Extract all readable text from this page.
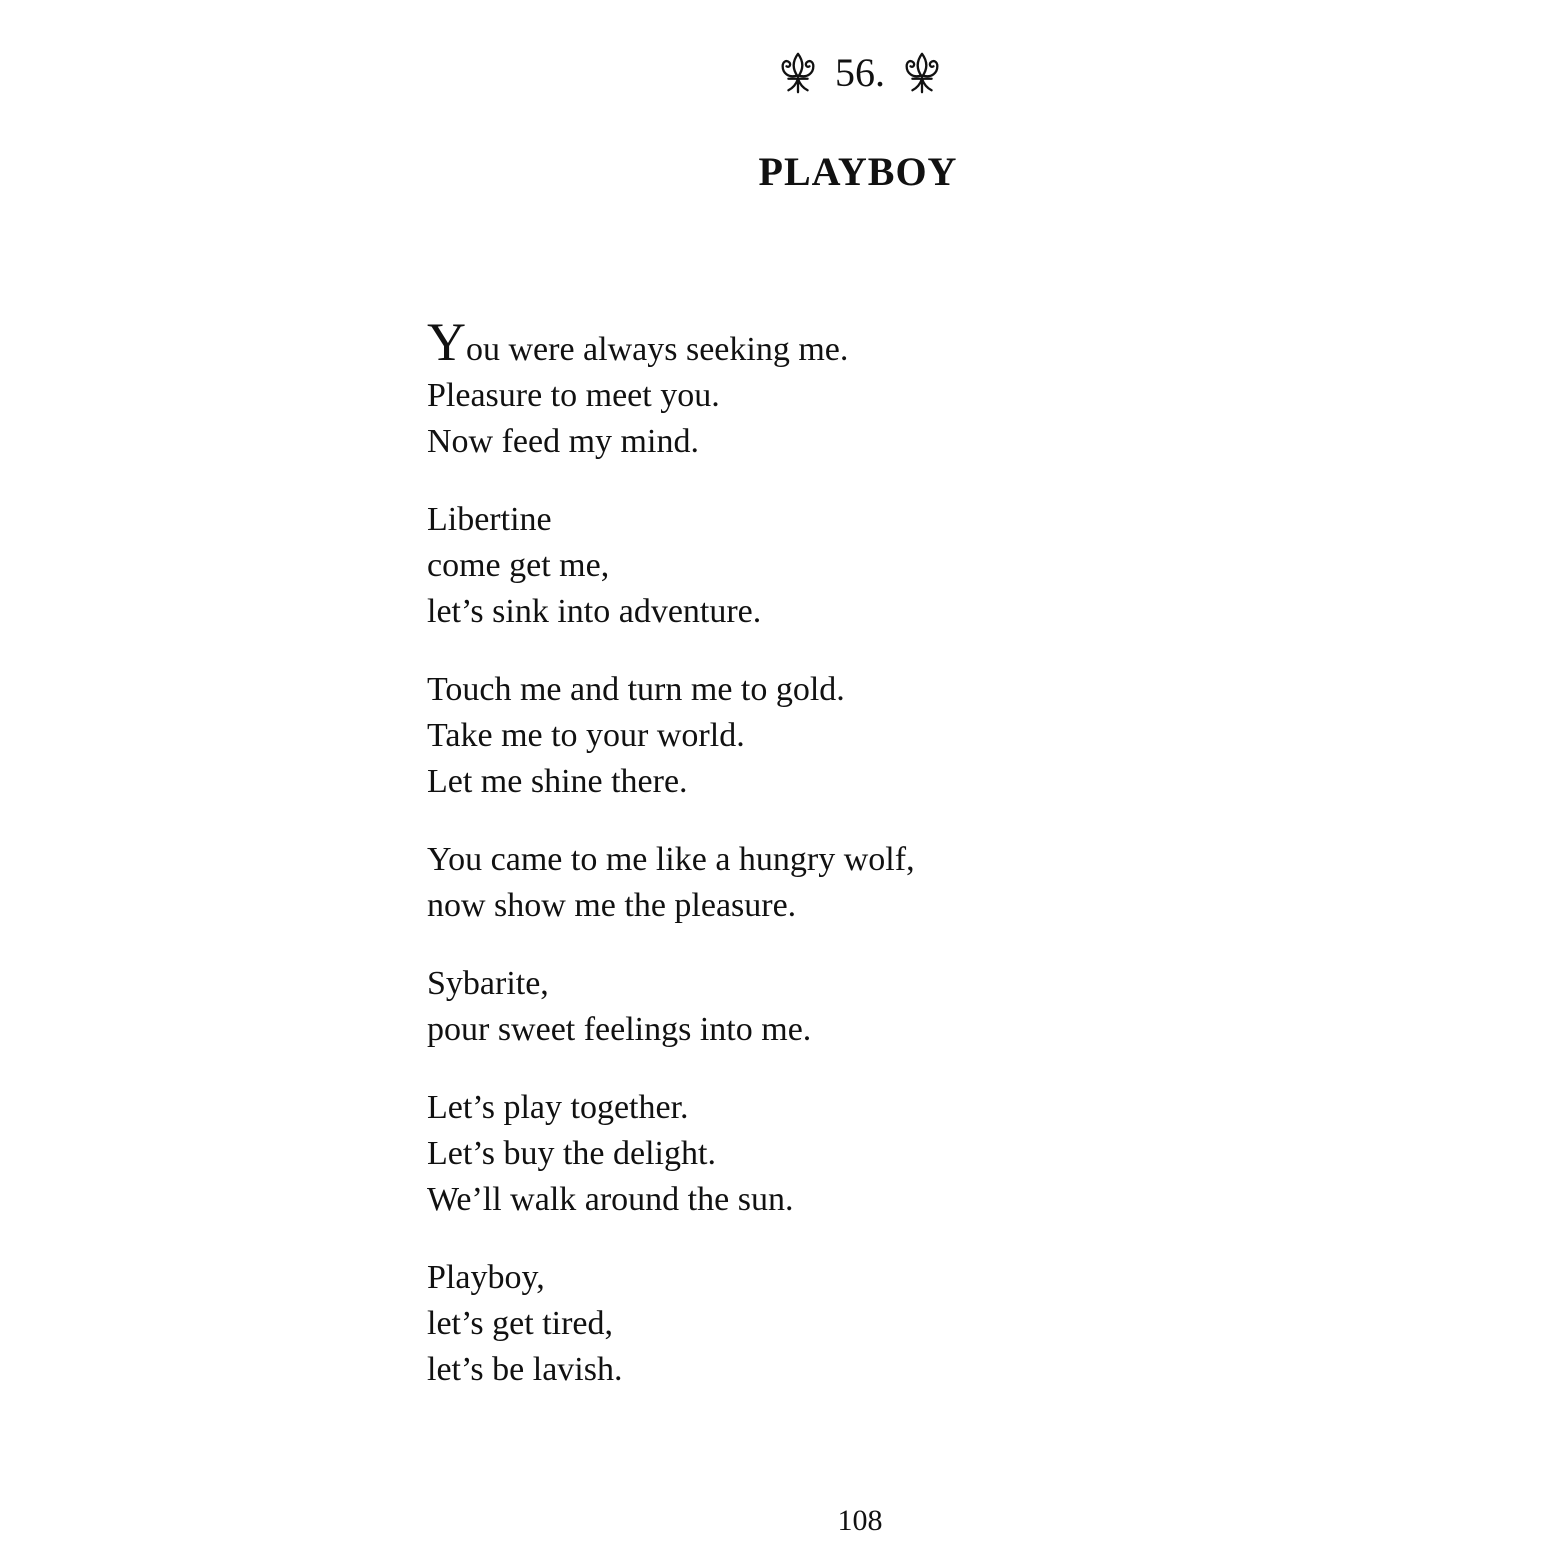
56.
PLAYBOY

You were always seeking me.
Pleasure to meet you.
Now feed my mind.

Libertine
come get me,
let’s sink into adventure.

Touch me and turn me to gold.
Take me to your world.
Let me shine there.

You came to me like a hungry wolf,
now show me the pleasure.

Sybarite,
pour sweet feelings into me.

Let’s play together.
Let’s buy the delight.
We’ll walk around the sun.

Playboy,
let’s get tired,
let’s be lavish.

108
